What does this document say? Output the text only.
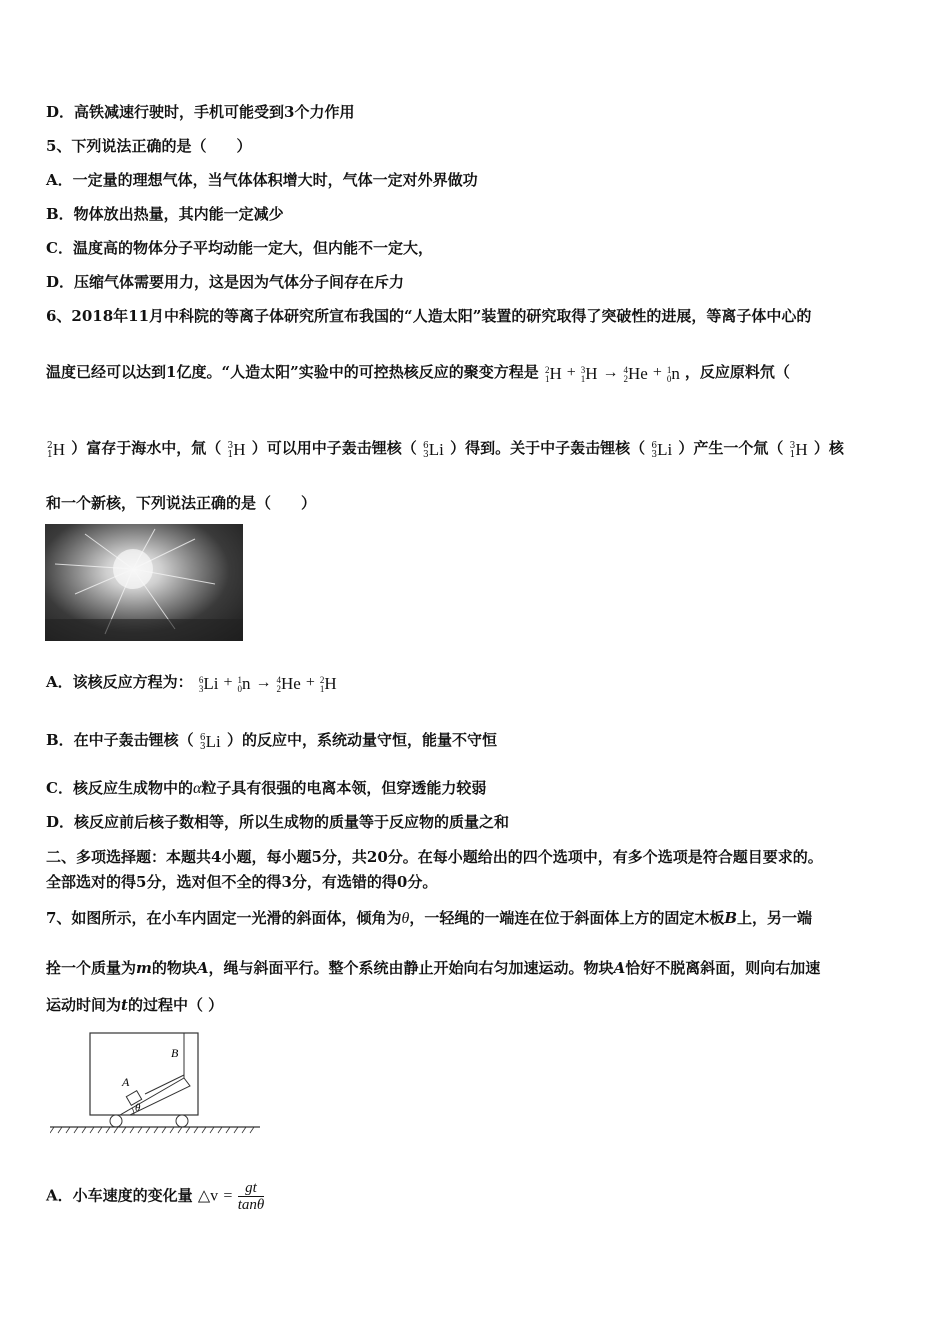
D．高铁减速行驶时，手机可能受到3个力作用
5、下列说法正确的是（　　）
A．一定量的理想气体，当气体体积增大时，气体一定对外界做功
B．物体放出热量，其内能一定减少
C．温度高的物体分子平均动能一定大，但内能不一定大，
D．压缩气体需要用力，这是因为气体分子间存在斥力
6、2018年11月中科院的等离子体研究所宣布我国的“人造太阳”装置的研究取得了突破性的进展，等离子体中心的
温度已经可以达到1亿度。“人造太阳”实验中的可控热核反应的聚变方程是 2
1 H + 3
1 H → 4
2 He + 1
0 n ，反应原料氘（
2
1 H ）富存于海水中，氚（ 3
1 H ）可以用中子轰击锂核（ 6
3 Li ）得到。关于中子轰击锂核（ 6
3 Li ）产生一个氚（ 3
1 H ）核
和一个新核，下列说法正确的是（　　）
A．该核反应方程为： 6
3 Li + 1
0 n → 4
2 He + 2
1 H
B．在中子轰击锂核（ 6
3 Li ）的反应中，系统动量守恒，能量不守恒
C．核反应生成物中的α粒子具有很强的电离本领，但穿透能力较弱
D．核反应前后核子数相等，所以生成物的质量等于反应物的质量之和
二、多项选择题：本题共4小题，每小题5分，共20分。在每小题给出的四个选项中，有多个选项是符合题目要求的。
全部选对的得5分，选对但不全的得3分，有选错的得0分。
7、如图所示，在小车内固定一光滑的斜面体，倾角为θ，一轻绳的一端连在位于斜面体上方的固定木板B上，另一端
拴一个质量为m的物块A，绳与斜面平行。整个系统由静止开始向右匀加速运动。物块A恰好不脱离斜面，则向右加速
运动时间为t的过程中（ ）
A
B
θ
A．小车速度的变化量 △v = $\frac{gt}{\tan\theta}$
